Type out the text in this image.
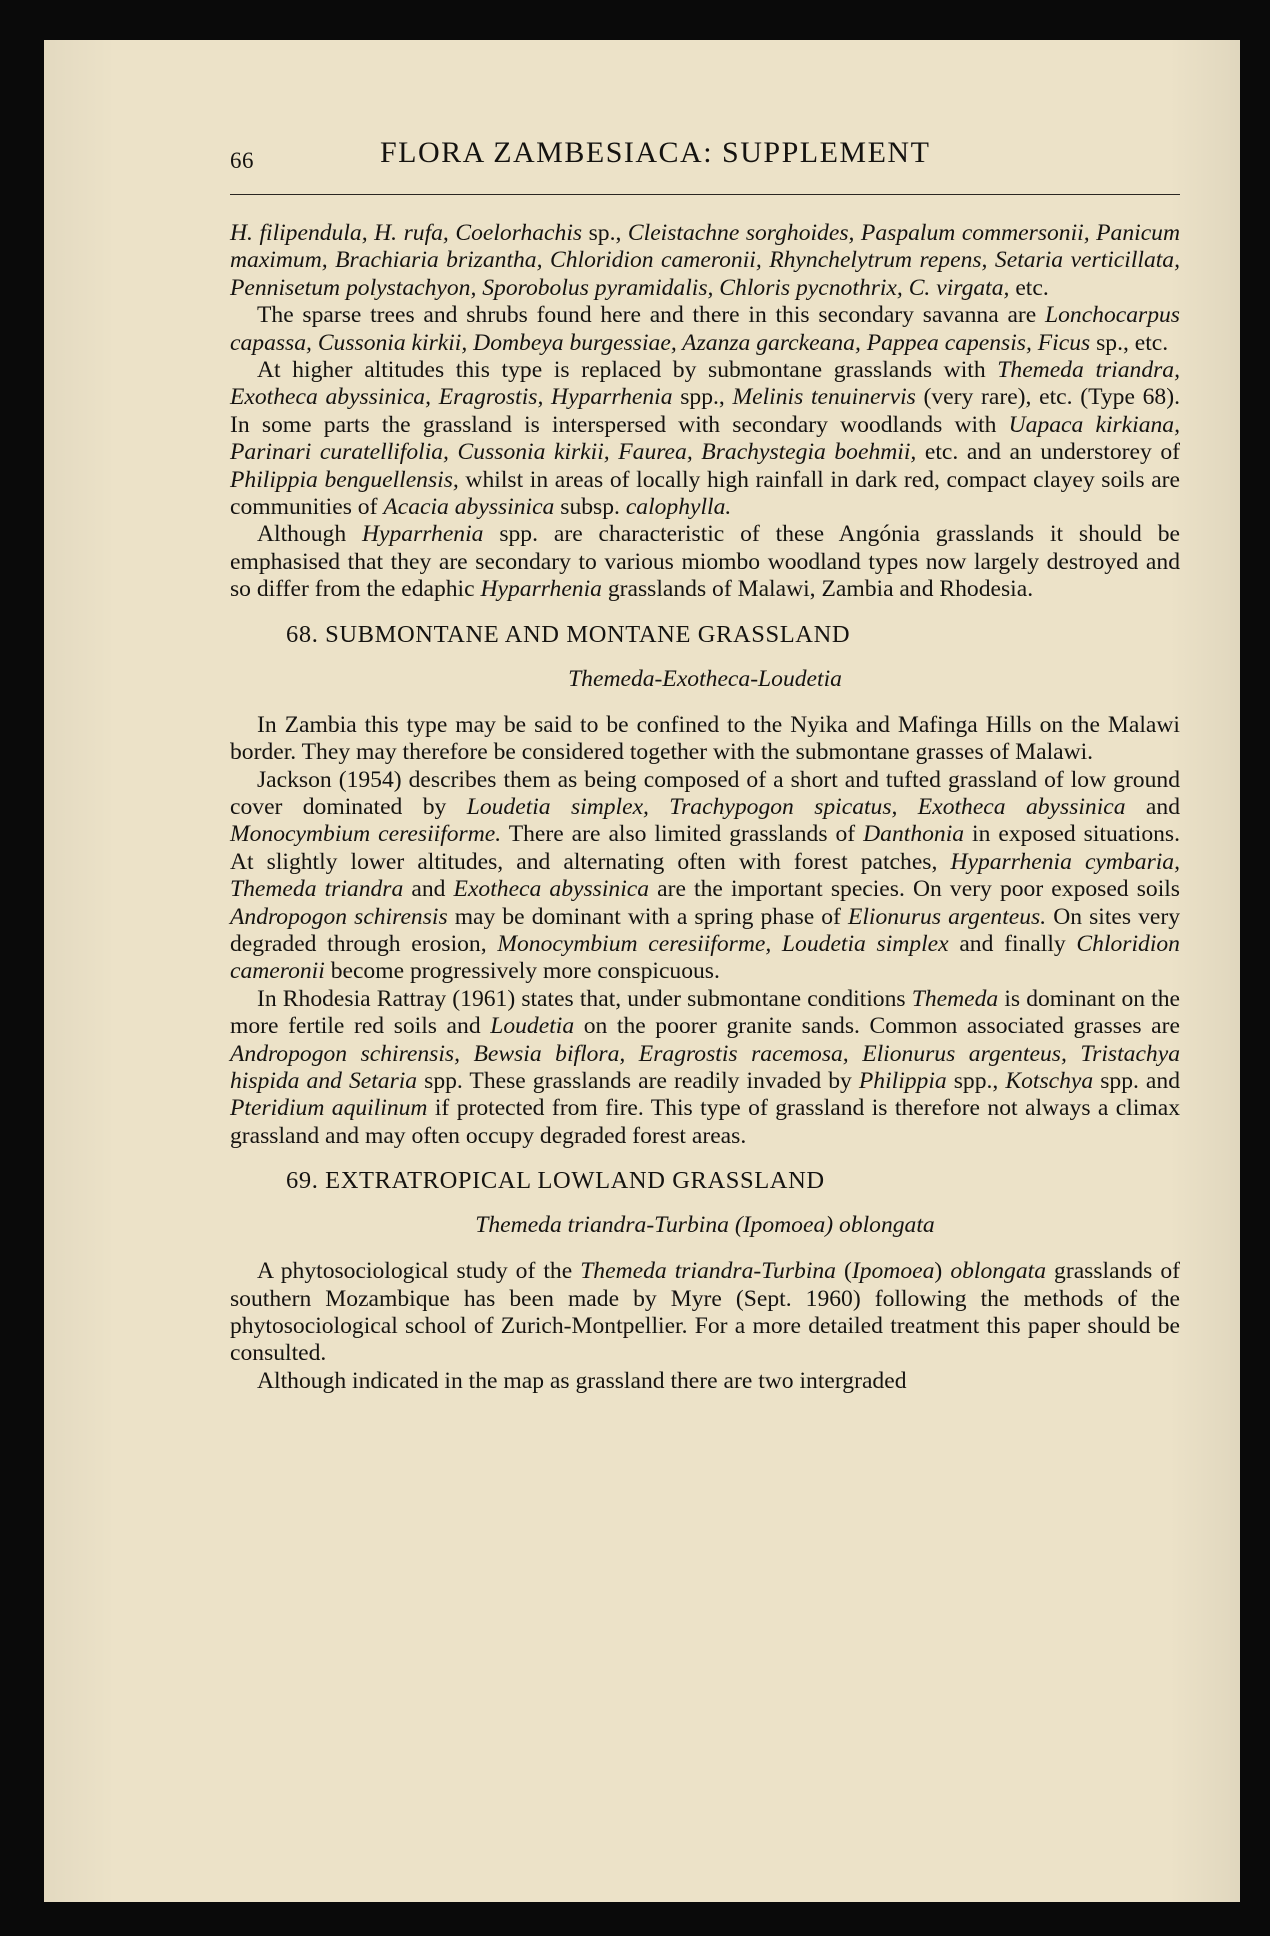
66	FLORA ZAMBESIACA: SUPPLEMENT

H. filipendula, H. rufa, Coelorhachis sp., Cleistachne sorghoides, Paspalum commersonii, Panicum maximum, Brachiaria brizantha, Chloridion cameronii, Rhynchelytrum repens, Setaria verticillata, Pennisetum polystachyon, Sporobolus pyramidalis, Chloris pycnothrix, C. virgata, etc.

The sparse trees and shrubs found here and there in this secondary savanna are Lonchocarpus capassa, Cussonia kirkii, Dombeya burgessiae, Azanza garckeana, Pappea capensis, Ficus sp., etc.

At higher altitudes this type is replaced by submontane grasslands with Themeda triandra, Exotheca abyssinica, Eragrostis, Hyparrhenia spp., Melinis tenuinervis (very rare), etc. (Type 68). In some parts the grassland is interspersed with secondary woodlands with Uapaca kirkiana, Parinari curatellifolia, Cussonia kirkii, Faurea, Brachystegia boehmii, etc. and an understorey of Philippia benguellensis, whilst in areas of locally high rainfall in dark red, compact clayey soils are communities of Acacia abyssinica subsp. calophylla.

Although Hyparrhenia spp. are characteristic of these Angónia grasslands it should be emphasised that they are secondary to various miombo woodland types now largely destroyed and so differ from the edaphic Hyparrhenia grasslands of Malawi, Zambia and Rhodesia.

68. SUBMONTANE AND MONTANE GRASSLAND
Themeda-Exotheca-Loudetia

In Zambia this type may be said to be confined to the Nyika and Mafinga Hills on the Malawi border. They may therefore be considered together with the submontane grasses of Malawi.

Jackson (1954) describes them as being composed of a short and tufted grassland of low ground cover dominated by Loudetia simplex, Trachypogon spicatus, Exotheca abyssinica and Monocymbium ceresiiforme. There are also limited grasslands of Danthonia in exposed situations. At slightly lower altitudes, and alternating often with forest patches, Hyparrhenia cymbaria, Themeda triandra and Exotheca abyssinica are the important species. On very poor exposed soils Andropogon schirensis may be dominant with a spring phase of Elionurus argenteus. On sites very degraded through erosion, Monocymbium ceresiiforme, Loudetia simplex and finally Chloridion cameronii become progressively more conspicuous.

In Rhodesia Rattray (1961) states that, under submontane conditions Themeda is dominant on the more fertile red soils and Loudetia on the poorer granite sands. Common associated grasses are Andropogon schirensis, Bewsia biflora, Eragrostis racemosa, Elionurus argenteus, Tristachya hispida and Setaria spp. These grasslands are readily invaded by Philippia spp., Kotschya spp. and Pteridium aquilinum if protected from fire. This type of grassland is therefore not always a climax grassland and may often occupy degraded forest areas.

69. EXTRATROPICAL LOWLAND GRASSLAND
Themeda triandra-Turbina (Ipomoea) oblongata

A phytosociological study of the Themeda triandra-Turbina (Ipomoea) oblongata grasslands of southern Mozambique has been made by Myre (Sept. 1960) following the methods of the phytosociological school of Zurich-Montpellier. For a more detailed treatment this paper should be consulted.

Although indicated in the map as grassland there are two intergraded
